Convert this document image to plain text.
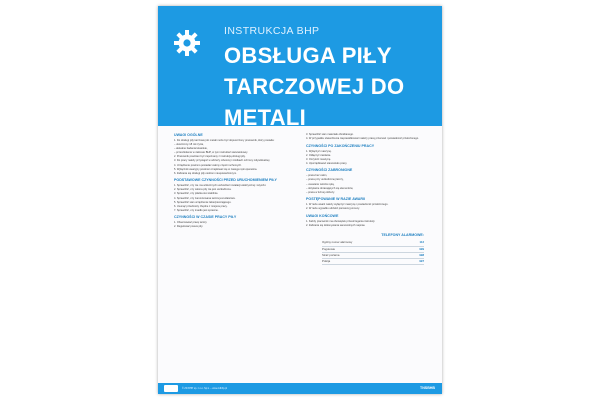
INSTRUKCJA BHP

OBSŁUGA PIŁY
TARCZOWEJ DO METALI
UWAGI OGÓLNE
1. Do obsługi piły tarczowej do metali może być dopuszczony pracownik, który posiada:
– ukończony 18 rok życia,
– aktualne badania lekarskie,
– przeszkolenie w zakresie BHP, w tym instruktaż stanowiskowy.
2. Pracownik powinien być zapoznany z instrukcją obsługi piły.
3. Do pracy należy przystąpić w odzieży roboczej i środkach ochrony indywidualnej.
4. Urządzenie powinno posiadać osłony części ruchomych.
5. Wyłącznik awaryjny powinien znajdować się w zasięgu ręki operatora.
6. Zabrania się obsługi piły osobom nieupoważnionym.
PODSTAWOWE CZYNNOŚCI PRZED URUCHOMIENIEM PIŁY
1. Sprawdzić, czy nie ma widocznych uszkodzeń instalacji elektrycznej i wtyczki.
2. Sprawdzić, czy osłona piły nie jest uszkodzona.
3. Sprawdzić, czy pilarka stoi stabilnie.
4. Sprawdzić, czy zamontowana tarcza jest właściwa.
5. Sprawdzić stan urządzenia zabezpieczającego.
6. Usunąć przedmioty zbędne z miejsca pracy.
7. Sprawdzić, czy imadło jest sprawne.
CZYNNOŚCI W CZASIE PRACY PIŁY
1. Obserwować pracę tarczy.
2. Regulować posuw piły.
3. Sprawdzić stan materiału obrabianego.
4. W przypadku stwierdzenia nieprawidłowości należy pracę przerwać i powiadomić przełożonego.
CZYNNOŚCI PO ZAKOŃCZENIU PRACY
1. Wyłączyć maszynę.
2. Odłączyć zasilanie.
3. Oczyścić maszynę.
4. Uporządkować stanowisko pracy.
CZYNNOŚCI ZABRONIONE
– praca bez osłon,
– praca przy uszkodzonej tarczy,
– usuwanie wiórów ręką,
– dotykanie obracających się elementów,
– praca w luźnej odzieży.
POSTĘPOWANIE W RAZIE AWARII
1. W razie awarii należy wyłączyć maszynę i powiadomić przełożonego.
2. W razie wypadku udzielić pierwszej pomocy.
UWAGI KOŃCOWE
1. Każdy pracownik ma obowiązek przestrzegania instrukcji.
2. Zabrania się dokonywania samowolnych napraw.
TELEFONY ALARMOWE:
Ogólny numer alarmowy	112
Pogotowie	999
Straż pożarna	998
Policja	997
© ZD BHP sp. z o.o. Sp.k. – www.zdbhp.pl	TNSBHB
